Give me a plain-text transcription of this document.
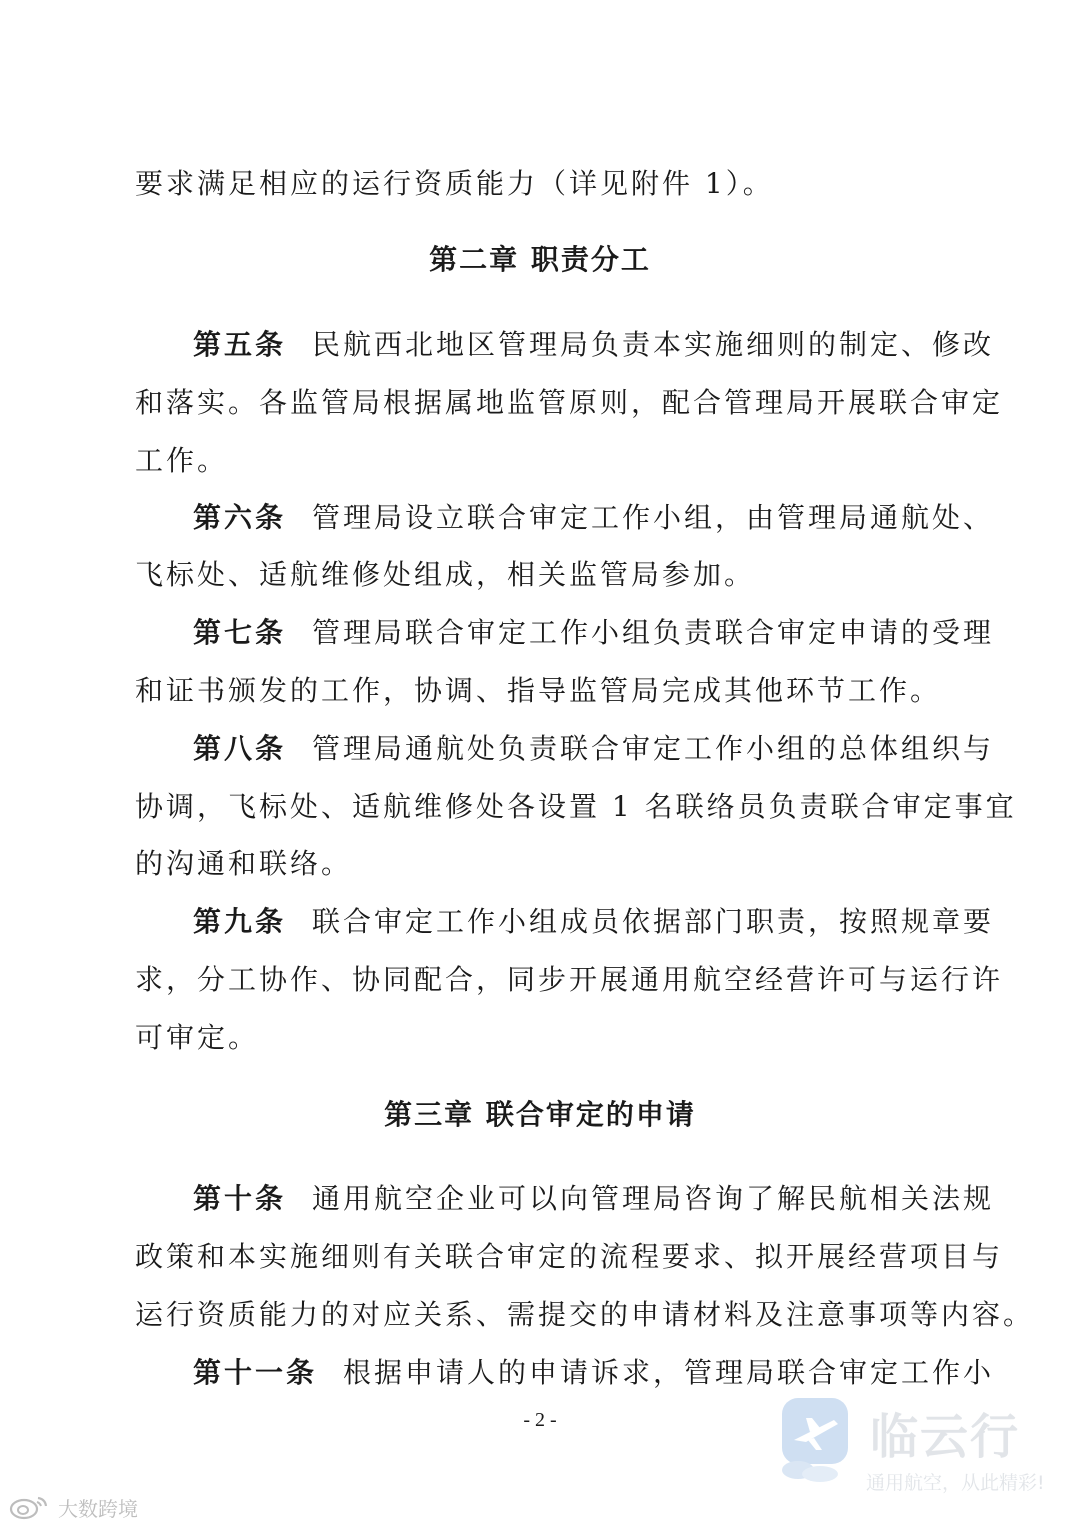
要求满足相应的运行资质能力（详见附件 1）。
第二章 职责分工
第五条 民航西北地区管理局负责本实施细则的制定、修改
和落实。各监管局根据属地监管原则，配合管理局开展联合审定
工作。
第六条 管理局设立联合审定工作小组，由管理局通航处、
飞标处、适航维修处组成，相关监管局参加。
第七条 管理局联合审定工作小组负责联合审定申请的受理
和证书颁发的工作，协调、指导监管局完成其他环节工作。
第八条 管理局通航处负责联合审定工作小组的总体组织与
协调，飞标处、适航维修处各设置 1 名联络员负责联合审定事宜
的沟通和联络。
第九条 联合审定工作小组成员依据部门职责，按照规章要
求，分工协作、协同配合，同步开展通用航空经营许可与运行许
可审定。
第三章 联合审定的申请
第十条 通用航空企业可以向管理局咨询了解民航相关法规
政策和本实施细则有关联合审定的流程要求、拟开展经营项目与
运行资质能力的对应关系、需提交的申请材料及注意事项等内容。
第十一条 根据申请人的申请诉求，管理局联合审定工作小
- 2 -
大数跨境
临云行
通用航空，从此精彩!
